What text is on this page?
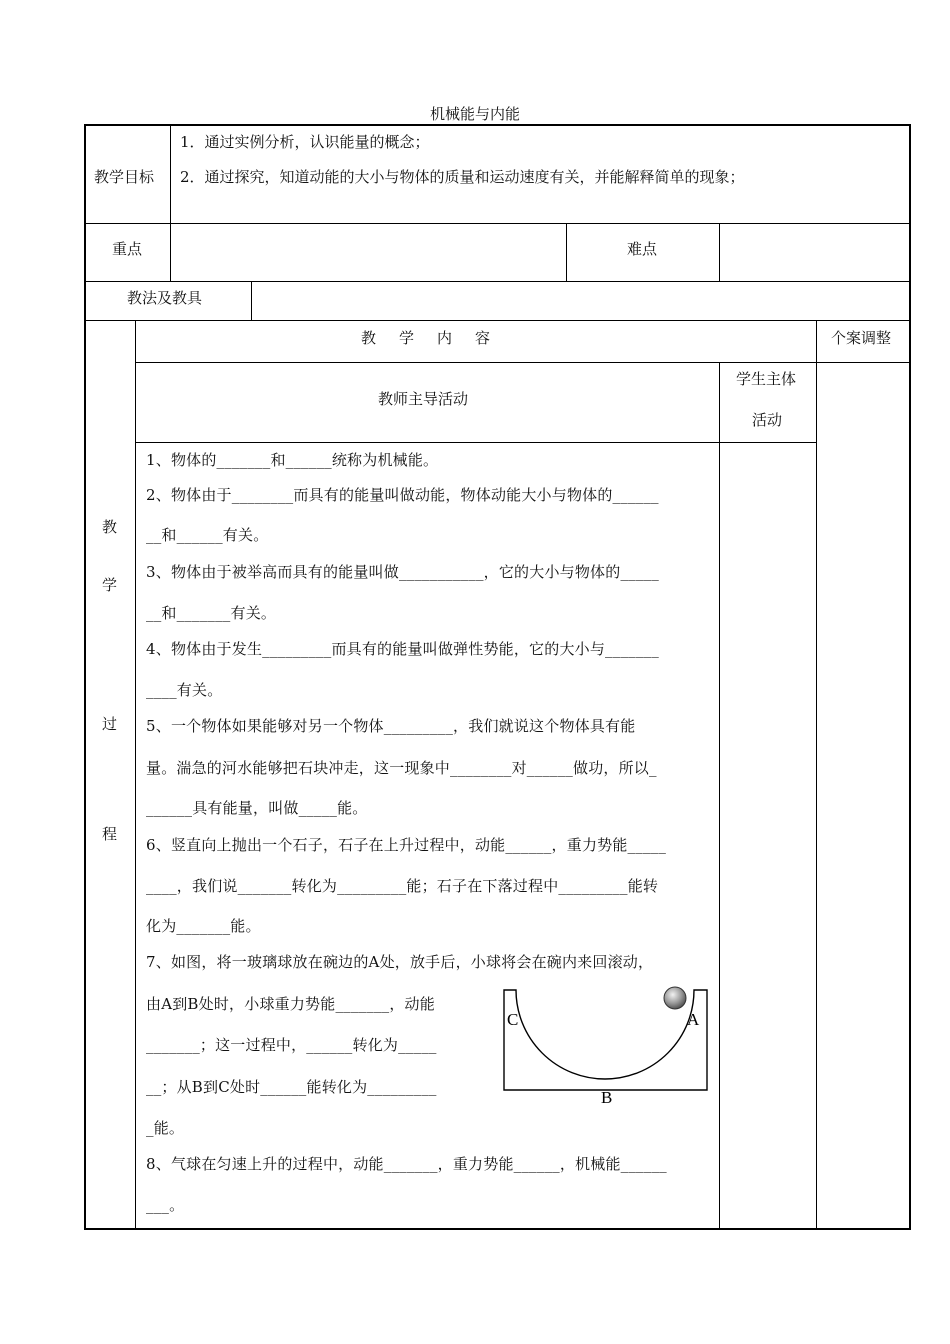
机械能与内能
教学目标
1．通过实例分析，认识能量的概念；
2．通过探究，知道动能的大小与物体的质量和运动速度有关，并能解释简单的现象；
重点	难点
教法及教具
教
学
过
程
教　学　内　容	个案调整
教师主导活动
学生主体
活动
1、物体的_______和______统称为机械能。
2、物体由于________而具有的能量叫做动能，物体动能大小与物体的______
__和______有关。
3、物体由于被举高而具有的能量叫做___________，它的大小与物体的_____
__和_______有关。
4、物体由于发生_________而具有的能量叫做弹性势能，它的大小与_______
____有关。
5、一个物体如果能够对另一个物体_________，我们就说这个物体具有能
量。湍急的河水能够把石块冲走，这一现象中________对______做功，所以_
______具有能量，叫做_____能。
6、竖直向上抛出一个石子，石子在上升过程中，动能______，重力势能_____
____，我们说_______转化为_________能；石子在下落过程中_________能转
化为_______能。
7、如图，将一玻璃球放在碗边的A处，放手后，小球将会在碗内来回滚动，
由A到B处时，小球重力势能_______，动能
_______；这一过程中，______转化为_____
__；从B到C处时______能转化为_________
_能。
8、气球在匀速上升的过程中，动能_______，重力势能______，机械能______
___。
C	A
B
